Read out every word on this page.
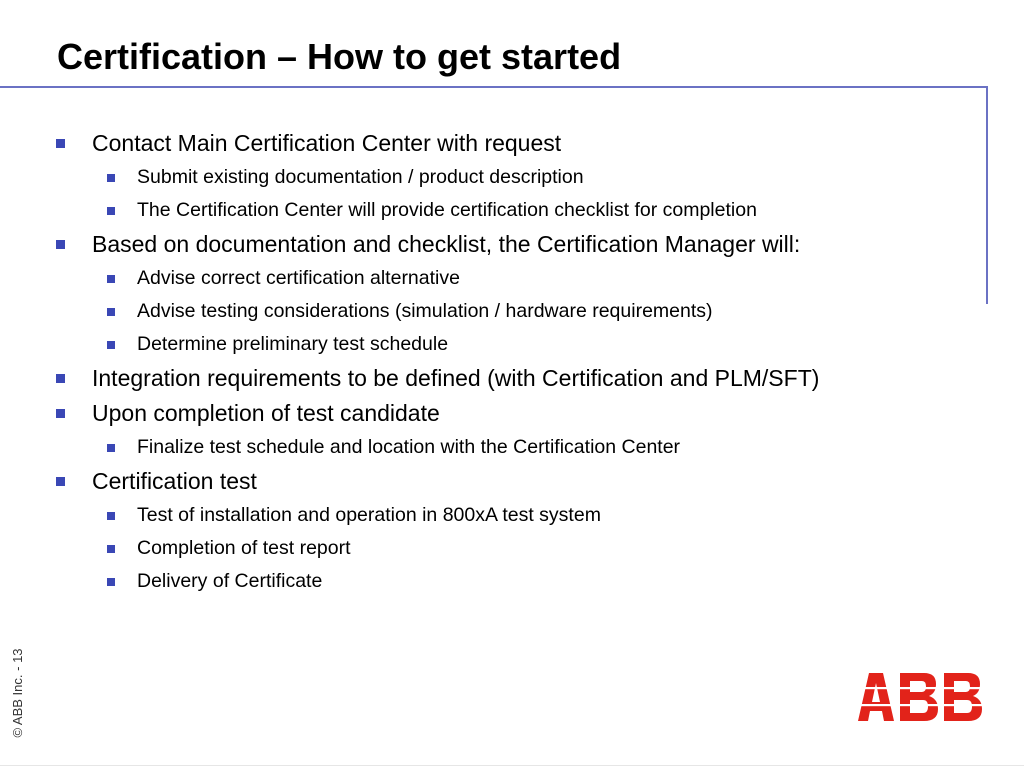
Certification – How to get started
Contact Main Certification Center with request
Submit existing documentation / product description
The Certification Center will provide certification checklist for completion
Based on documentation and checklist, the Certification Manager will:
Advise correct certification alternative
Advise testing considerations (simulation / hardware requirements)
Determine preliminary test schedule
Integration requirements to be defined (with Certification and PLM/SFT)
Upon completion of test candidate
Finalize test schedule and location with the Certification Center
Certification test
Test of installation and operation in 800xA test system
Completion of test report
Delivery of Certificate
© ABB Inc. - 13
